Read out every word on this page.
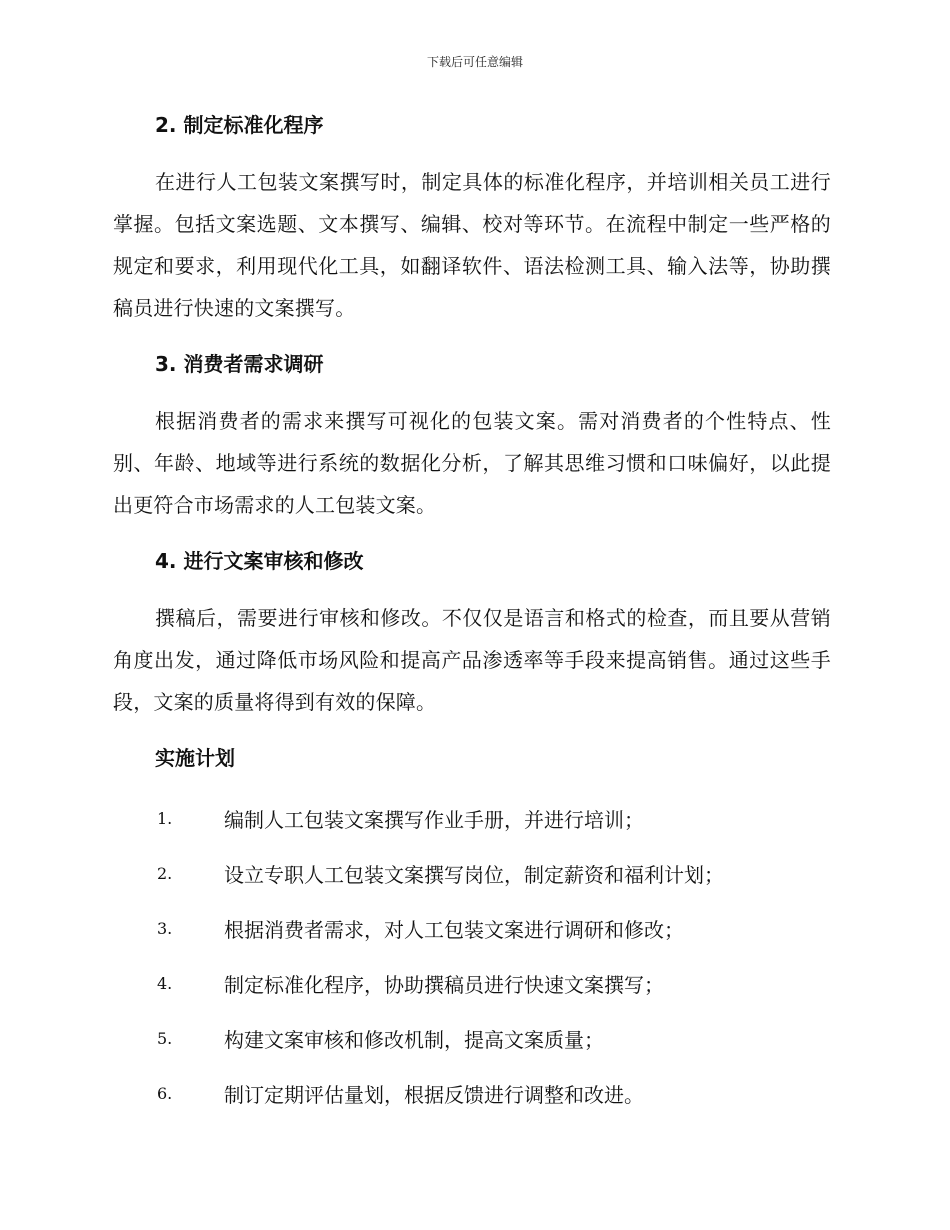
下载后可任意编辑
2. 制定标准化程序

在进行人工包装文案撰写时，制定具体的标准化程序，并培训相关员工进行掌握。包括文案选题、文本撰写、编辑、校对等环节。在流程中制定一些严格的规定和要求，利用现代化工具，如翻译软件、语法检测工具、输入法等，协助撰稿员进行快速的文案撰写。

3. 消费者需求调研

根据消费者的需求来撰写可视化的包装文案。需对消费者的个性特点、性别、年龄、地域等进行系统的数据化分析，了解其思维习惯和口味偏好，以此提出更符合市场需求的人工包装文案。

4. 进行文案审核和修改

撰稿后，需要进行审核和修改。不仅仅是语言和格式的检查，而且要从营销角度出发，通过降低市场风险和提高产品渗透率等手段来提高销售。通过这些手段，文案的质量将得到有效的保障。

实施计划
1.	编制人工包装文案撰写作业手册，并进行培训；
2.	设立专职人工包装文案撰写岗位，制定薪资和福利计划；
3.	根据消费者需求，对人工包装文案进行调研和修改；
4.	制定标准化程序，协助撰稿员进行快速文案撰写；
5.	构建文案审核和修改机制，提高文案质量；
6.	制订定期评估量划，根据反馈进行调整和改进。
